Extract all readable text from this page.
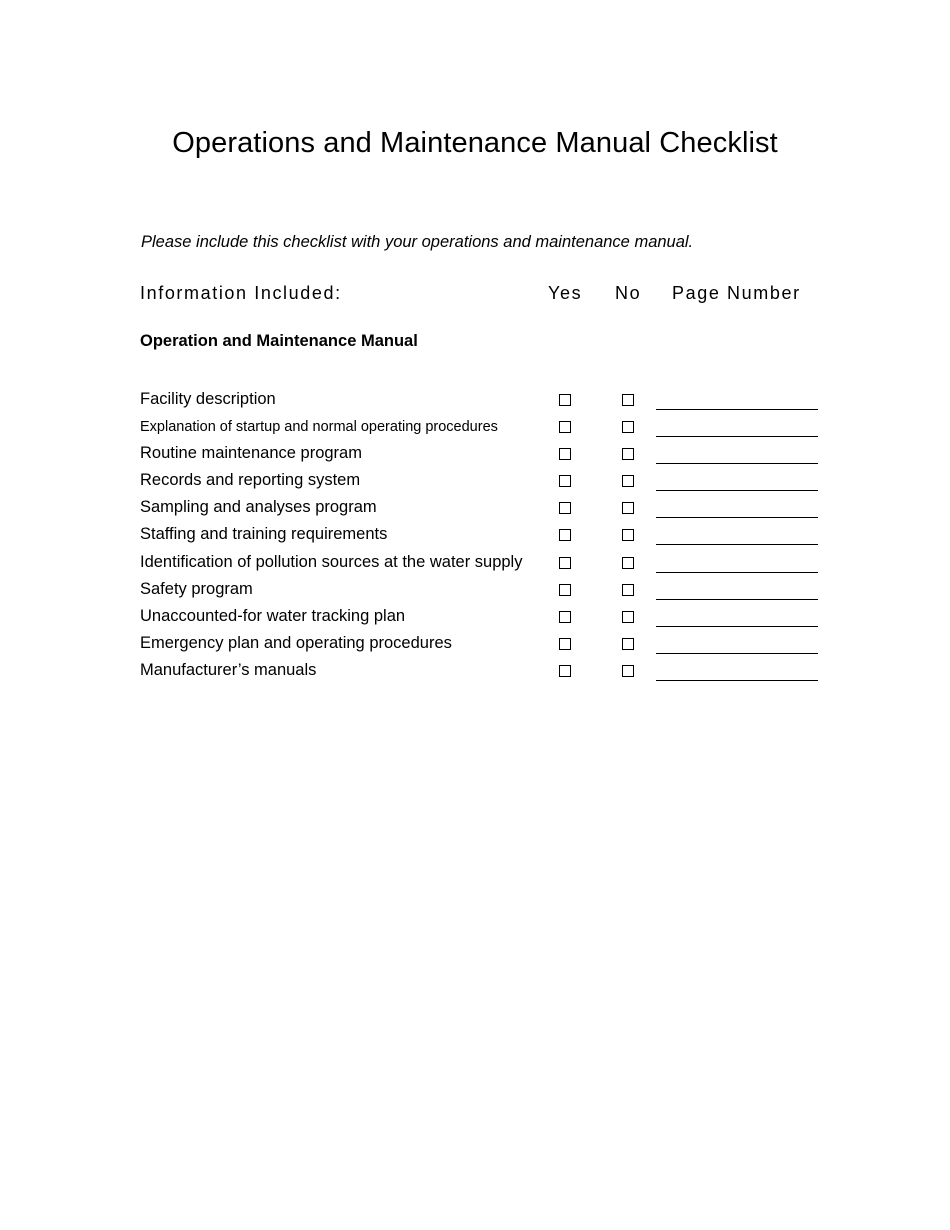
Operations and Maintenance Manual Checklist
Please include this checklist with your operations and maintenance manual.
Information Included:	Yes No Page Number
Operation and Maintenance Manual
Facility description
Explanation of startup and normal operating procedures
Routine maintenance program
Records and reporting system
Sampling and analyses program
Staffing and training requirements
Identification of pollution sources at the water supply
Safety program
Unaccounted-for water tracking plan
Emergency plan and operating procedures
Manufacturer’s manuals
